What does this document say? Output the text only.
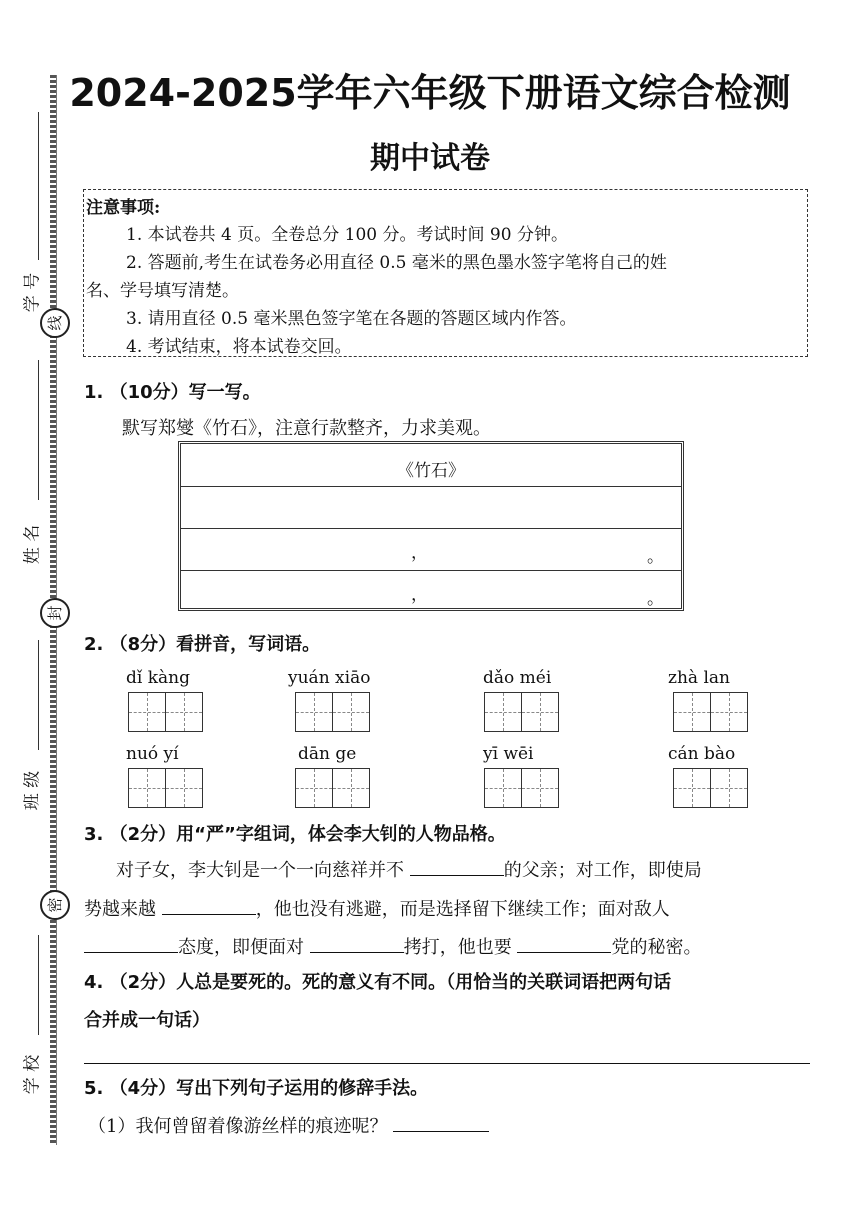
2024-2025学年六年级下册语文综合检测
期中试卷
学 号
线
姓 名
封
班 级
密
学 校
注意事项:
1. 本试卷共 4 页。全卷总分 100 分。考试时间 90 分钟。
2. 答题前,考生在试卷务必用直径 0.5 毫米的黑色墨水签字笔将自己的姓
名、学号填写清楚。
3. 请用直径 0.5 毫米黑色签字笔在各题的答题区域内作答。
4. 考试结束，将本试卷交回。
1. （10分）写一写。
默写郑燮《竹石》，注意行款整齐，力求美观。
《竹石》
，	。
，	。
2. （8分）看拼音，写词语。
dǐ kàng	yuán xiāo	dǎo méi	zhà lan
nuó yí	dān ge	yī wēi	cán bào
3. （2分）用“严”字组词，体会李大钊的人物品格。
对子女，李大钊是一个一向慈祥并不	的父亲；对工作，即使局
势越来越	，他也没有逃避，而是选择留下继续工作；面对敌人
态度，即便面对	拷打，他也要	党的秘密。
4. （2分）人总是要死的。死的意义有不同。（用恰当的关联词语把两句话
合并成一句话）
5. （4分）写出下列句子运用的修辞手法。
（1）我何曾留着像游丝样的痕迹呢？
